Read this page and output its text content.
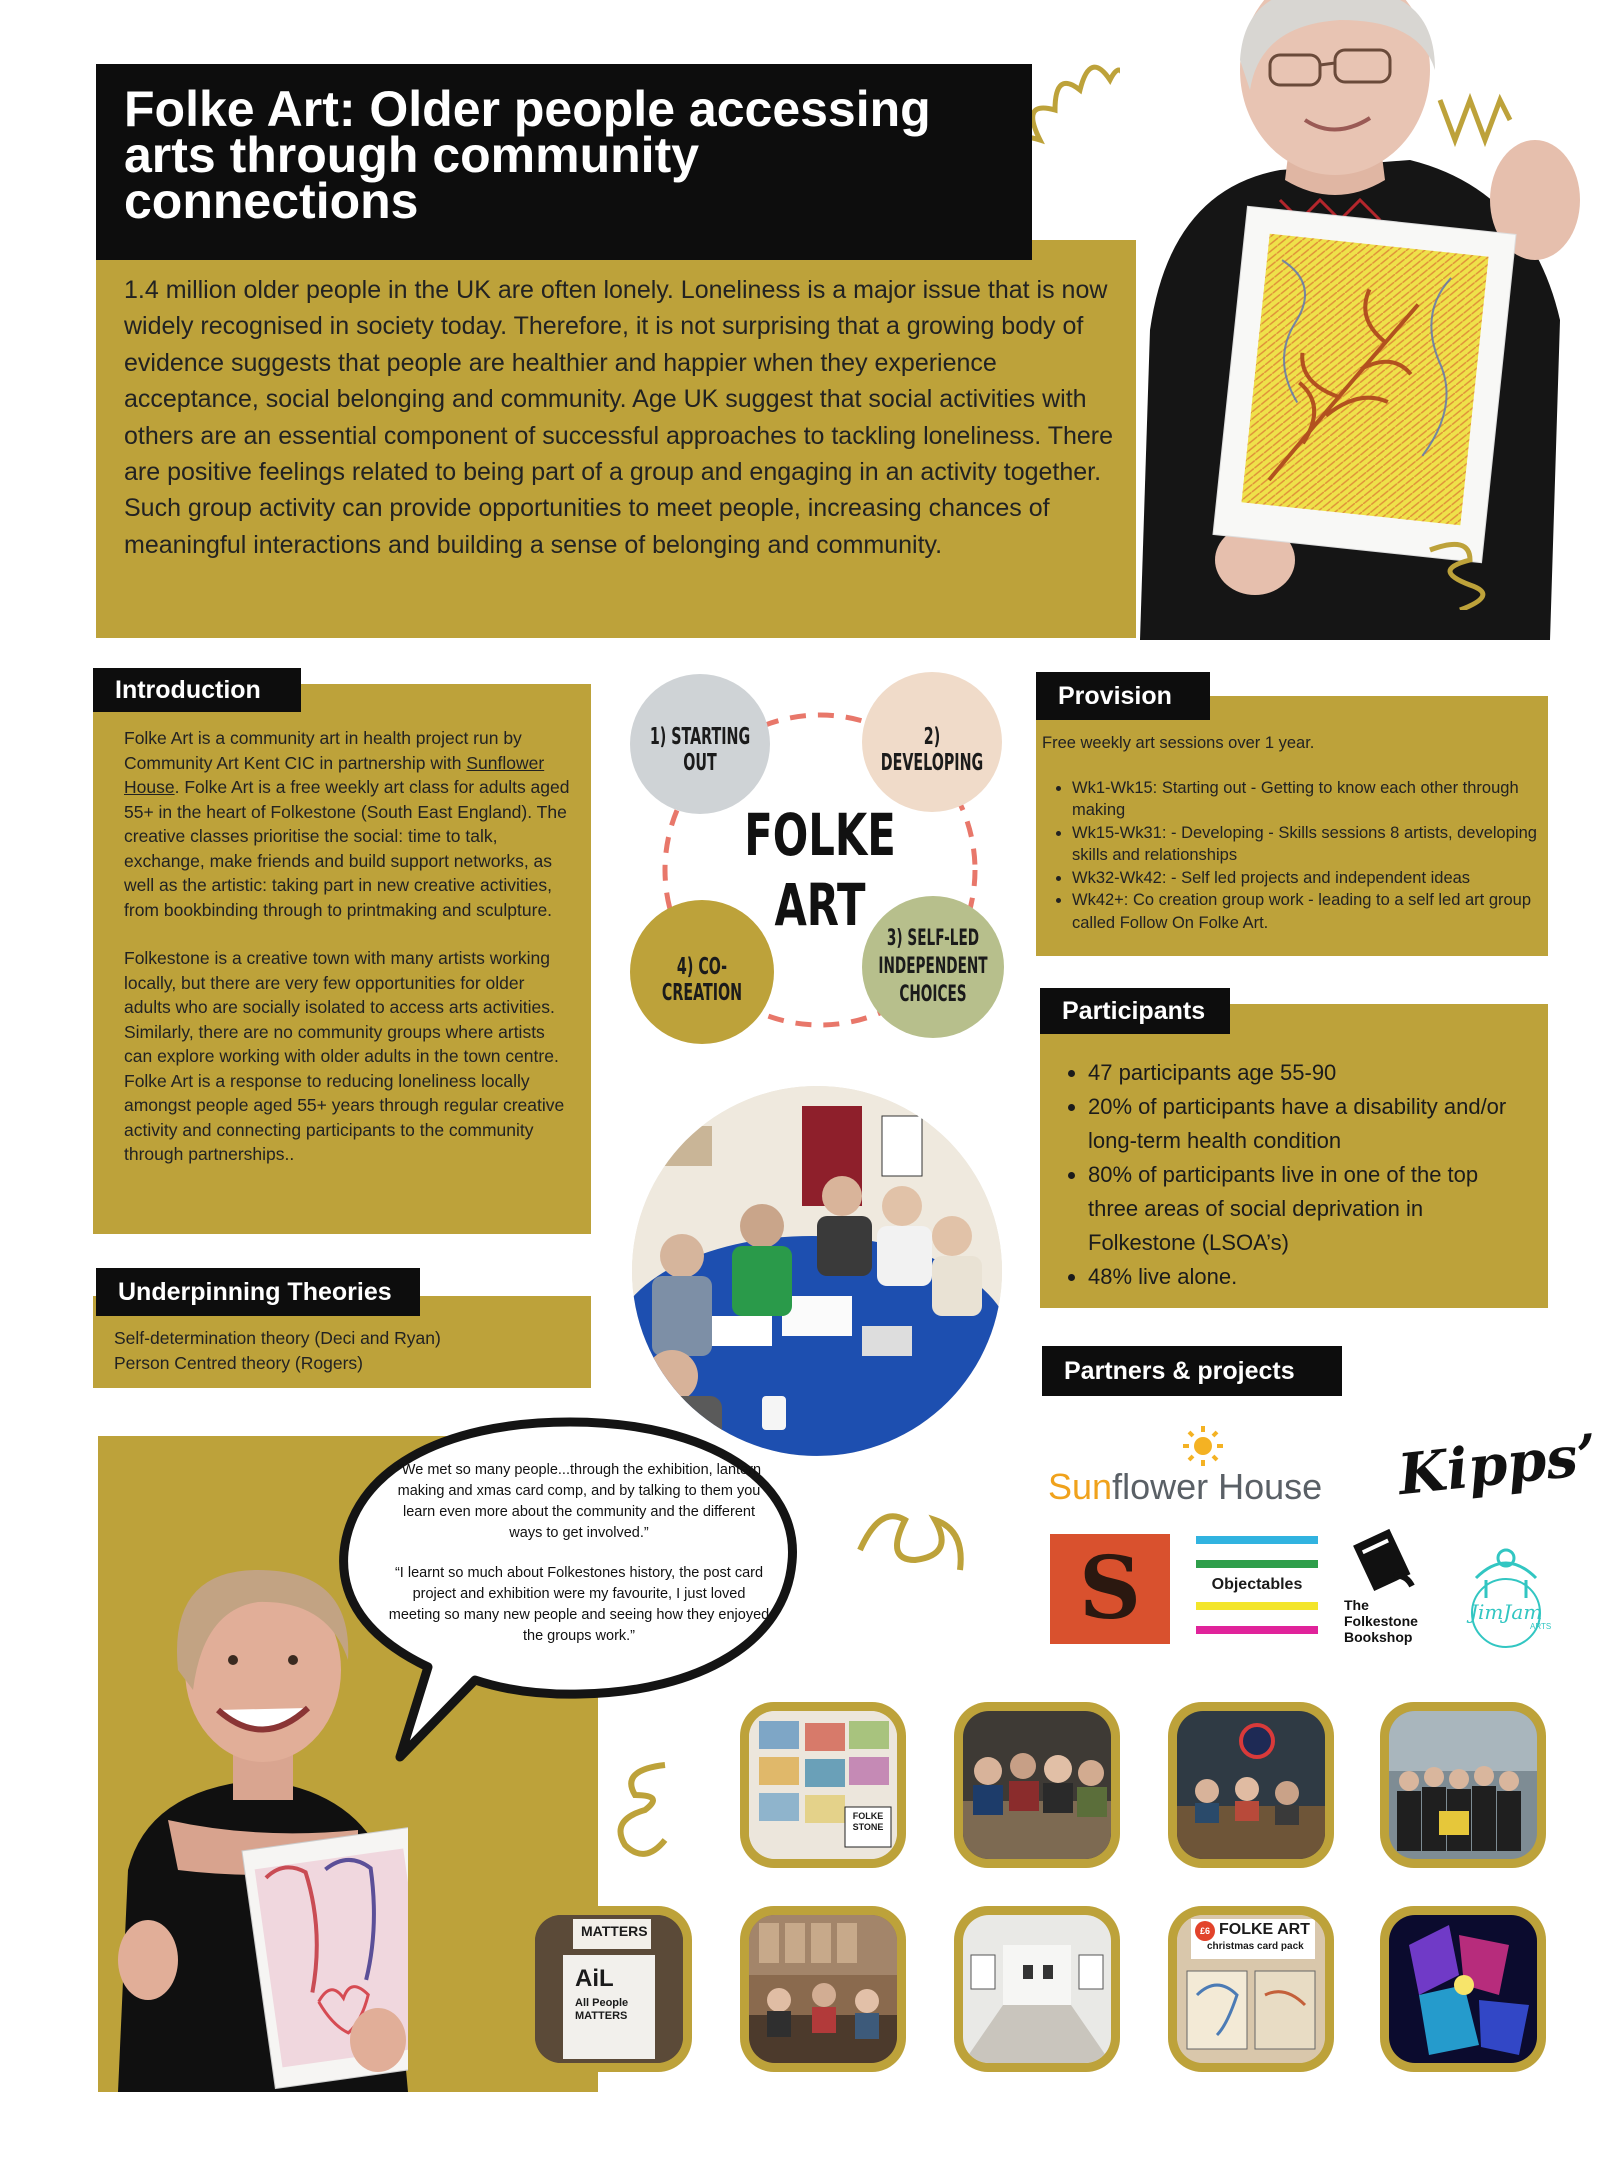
Folke Art: Older people accessing arts through community connections
1.4 million older people in the UK are often lonely. Loneliness is a major issue that is now widely recognised in society today. Therefore, it is not surprising that a growing body of evidence suggests that people are healthier and happier when they experience acceptance, social belonging and community. Age UK suggest that social activities with others are an essential component of successful approaches to tackling loneliness. There are positive feelings related to being part of a group and engaging in an activity together. Such group activity can provide opportunities to meet people, increasing chances of meaningful interactions and building a sense of belonging and community.
Introduction

Folke Art is a community art in health project run by Community Art Kent CIC in partnership with Sunflower House. Folke Art is a free weekly art class for adults aged 55+ in the heart of Folkestone (South East England). The creative classes prioritise the social: time to talk, exchange, make friends and build support networks, as well as the artistic: taking part in new creative activities, from bookbinding through to printmaking and sculpture.

Folkestone is a creative town with many artists working locally, but there are very few opportunities for older adults who are socially isolated to access arts activities. Similarly, there are no community groups where artists can explore working with older adults in the town centre. Folke Art is a response to reducing loneliness locally amongst people aged 55+ years through regular creative activity and connecting participants to the community through partnerships..

Underpinning Theories
Self-determination theory (Deci and Ryan)
Person Centred theory (Rogers)
1) STARTING OUT
2) DEVELOPING
4) CO-CREATION
3) SELF-LED
INDEPENDENT
CHOICES
FOLKE
ART
Provision
Free weekly art sessions over 1 year.
• Wk1-Wk15: Starting out - Getting to know each other through making
• Wk15-Wk31: - Developing - Skills sessions 8 artists, developing skills and relationships
• Wk32-Wk42: - Self led projects and independent ideas
• Wk42+: Co creation group work - leading to a self led art group called Follow On Folke Art.
Participants
• 47 participants age 55-90
• 20% of participants have a disability and/or long-term health condition
• 80% of participants live in one of the top three areas of social deprivation in Folkestone (LSOA’s)
• 48% live alone.
Partners & projects
Sunflower House Kipps’
S	Objectables
The
Folkestone
Bookshop
JimJam
ARTS

“We met so many people...through the exhibition, lantern making and xmas card comp, and by talking to them you learn even more about the community and the different ways to get involved.”

“I learnt so much about Folkestones history, the post card project and exhibition were my favourite, I just loved meeting so many new people and seeing how they enjoyed the groups work.”

FOLKE STONE
MATTERS
AiL
All People MATTERS
£6 FOLKE ART
christmas card pack
